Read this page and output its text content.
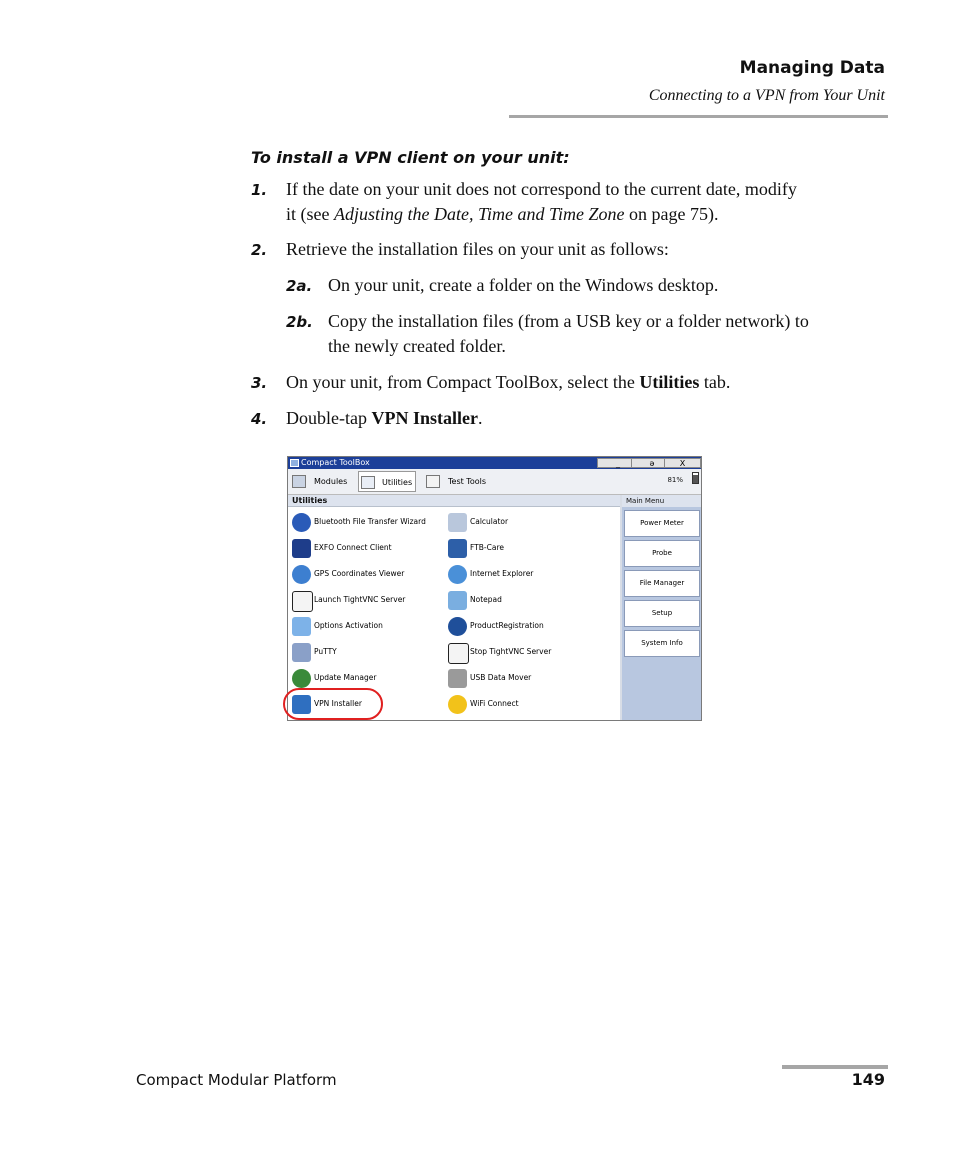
Managing Data
Connecting to a VPN from Your Unit
To install a VPN client on your unit:
1. If the date on your unit does not correspond to the current date, modify
it (see Adjusting the Date, Time and Time Zone on page 75).
2. Retrieve the installation files on your unit as follows:
2a. On your unit, create a folder on the Windows desktop.
2b. Copy the installation files (from a USB key or a folder network) to
the newly created folder.
3. On your unit, from Compact ToolBox, select the Utilities tab.
4. Double-tap VPN Installer.
Compact ToolBox	_	ə	X
Modules	Utilities	Test Tools	81%
Utilities
Bluetooth File Transfer Wizard
EXFO Connect Client
GPS Coordinates Viewer
Launch TightVNC Server
Options Activation
PuTTY
Update Manager
VPN Installer
Calculator
FTB-Care
Internet Explorer
Notepad
ProductRegistration
Stop TightVNC Server
USB Data Mover
WiFi Connect
Main Menu
Power Meter
Probe
File Manager
Setup
System Info
Compact Modular Platform	149
